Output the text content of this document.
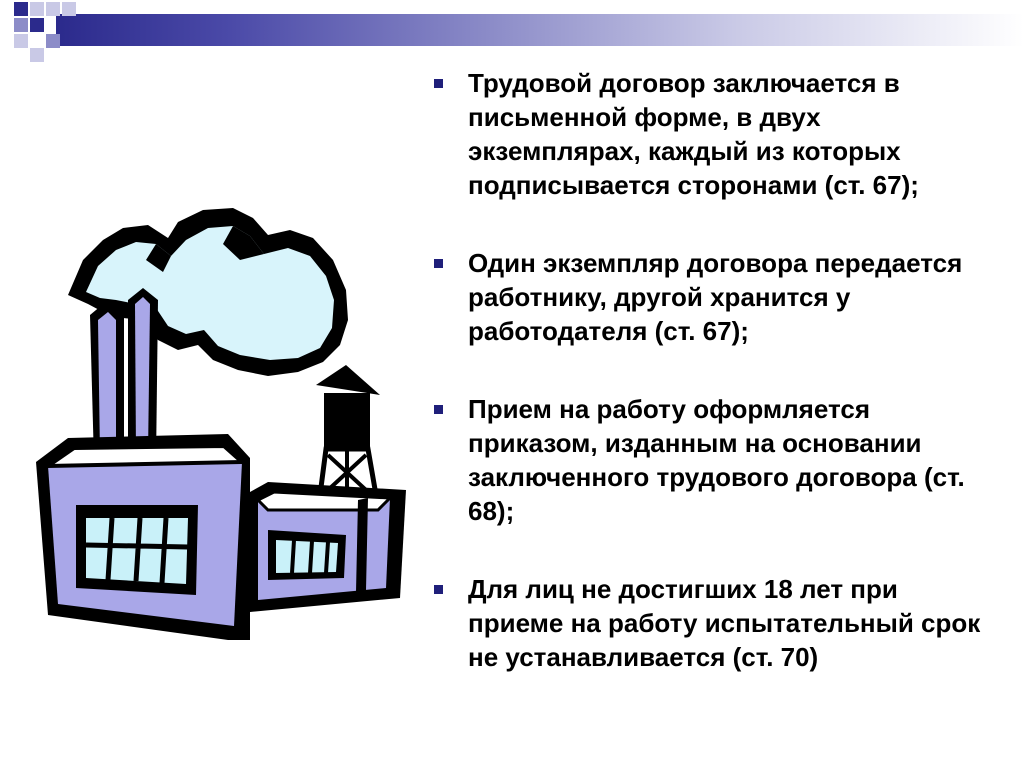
Трудовой договор заключается в письменной форме, в двух экземплярах, каждый из которых подписывается сторонами (ст. 67);
Один экземпляр договора передается работнику, другой хранится у работодателя (ст. 67);
Прием на работу оформляется приказом, изданным на основании заключенного трудового договора (ст. 68);
Для лиц не достигших 18 лет при приеме на работу испытательный срок не устанавливается (ст. 70)
